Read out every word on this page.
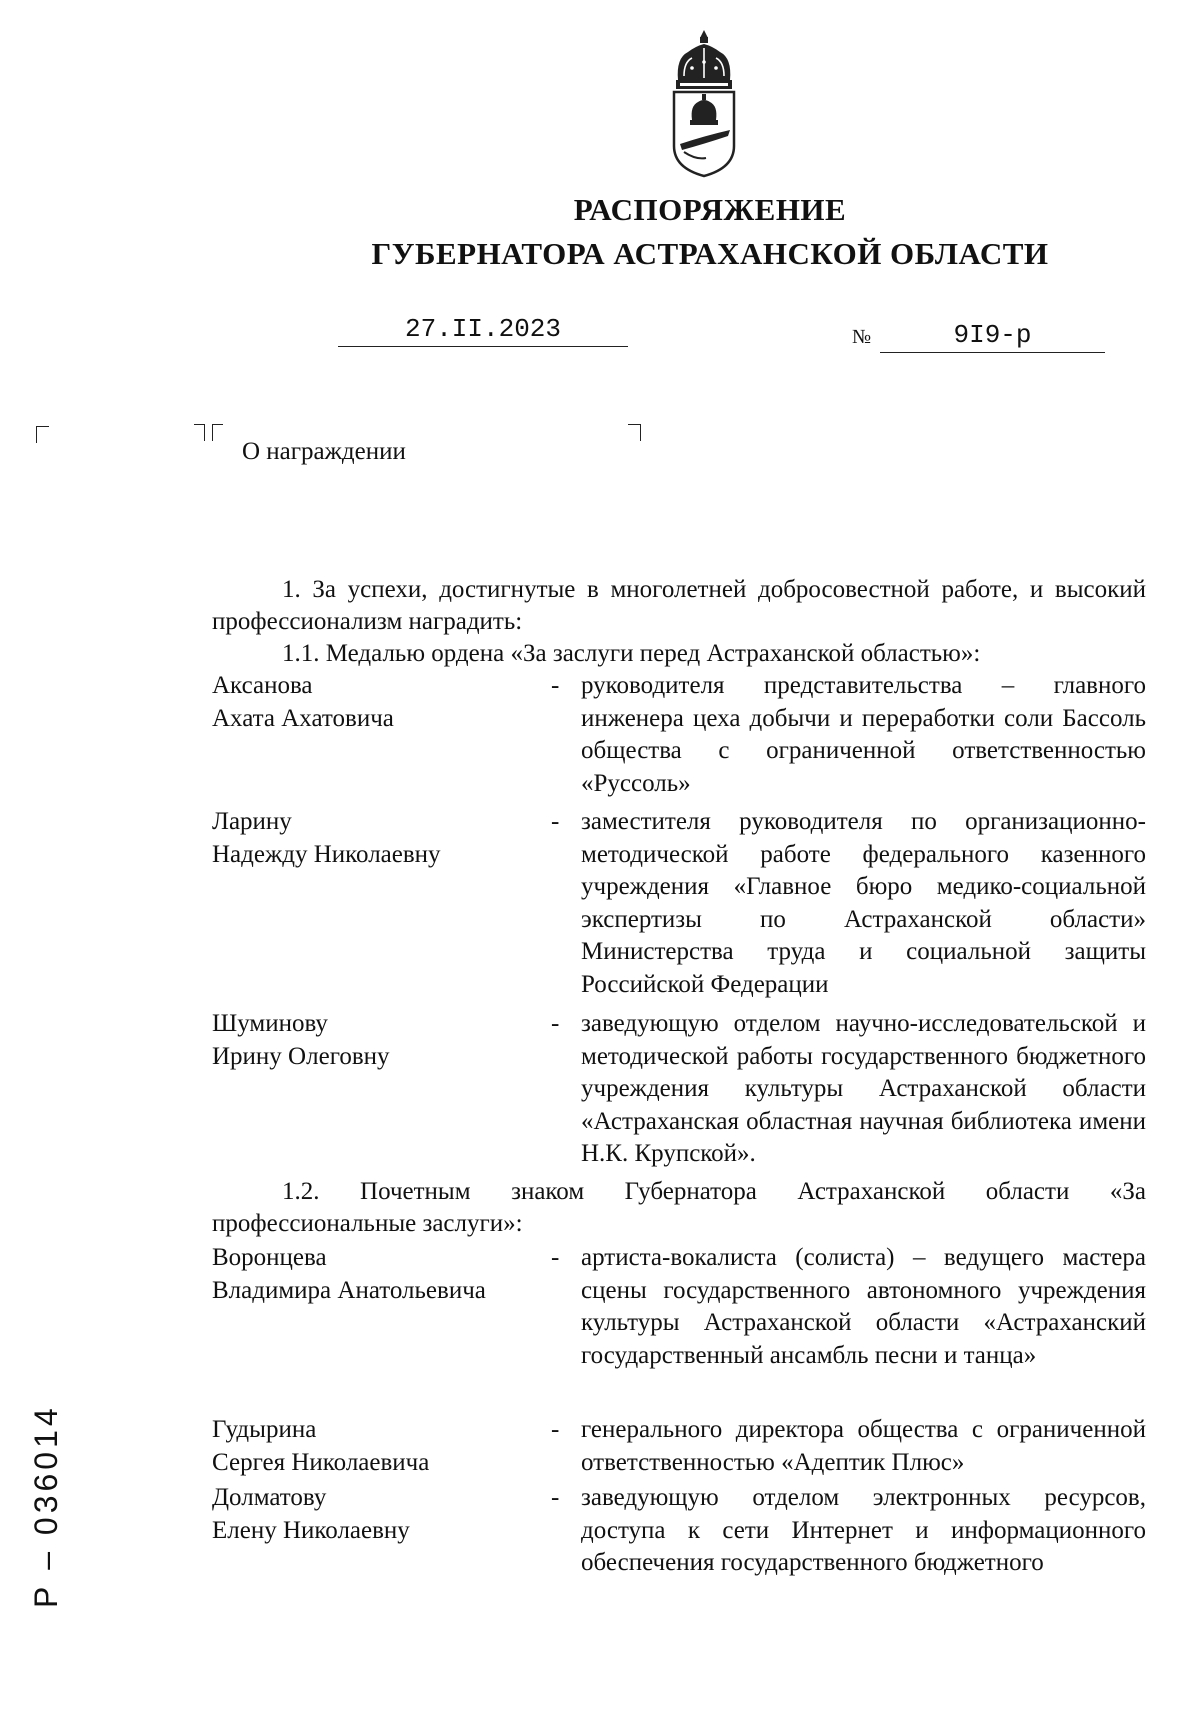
РАСПОРЯЖЕНИЕ
ГУБЕРНАТОРА АСТРАХАНСКОЙ ОБЛАСТИ
27.II.2023	№	9I9-р
О награждении
1. За успехи, достигнутые в многолетней добросовестной работе, и высокий профессионализм наградить:
1.1. Медалью ордена «За заслуги перед Астраханской областью»:
Аксанова
Ахата Ахатовича
- руководителя представительства – главного инженера цеха добычи и переработки соли Бассоль общества с ограниченной ответственностью «Руссоль»
Ларину
Надежду Николаевну
- заместителя руководителя по организационно-методической работе федерального казенного учреждения «Главное бюро медико-социальной экспертизы по Астраханской области» Министерства труда и социальной защиты Российской Федерации
Шуминову
Ирину Олеговну
- заведующую отделом научно-исследовательской и методической работы государственного бюджетного учреждения культуры Астраханской области «Астраханская областная научная библиотека имени Н.К. Крупской».
1.2. Почетным знаком Губернатора Астраханской области «За профессиональные заслуги»:
Воронцева
Владимира Анатольевича
- артиста-вокалиста (солиста) – ведущего мастера сцены государственного автономного учреждения культуры Астраханской области «Астраханский государственный ансамбль песни и танца»
Гудырина
Сергея Николаевича
- генерального директора общества с ограниченной ответственностью «Адептик Плюс»
Долматову
Елену Николаевну
- заведующую отделом электронных ресурсов, доступа к сети Интернет и информационного обеспечения государственного бюджетного
Р – 036014
